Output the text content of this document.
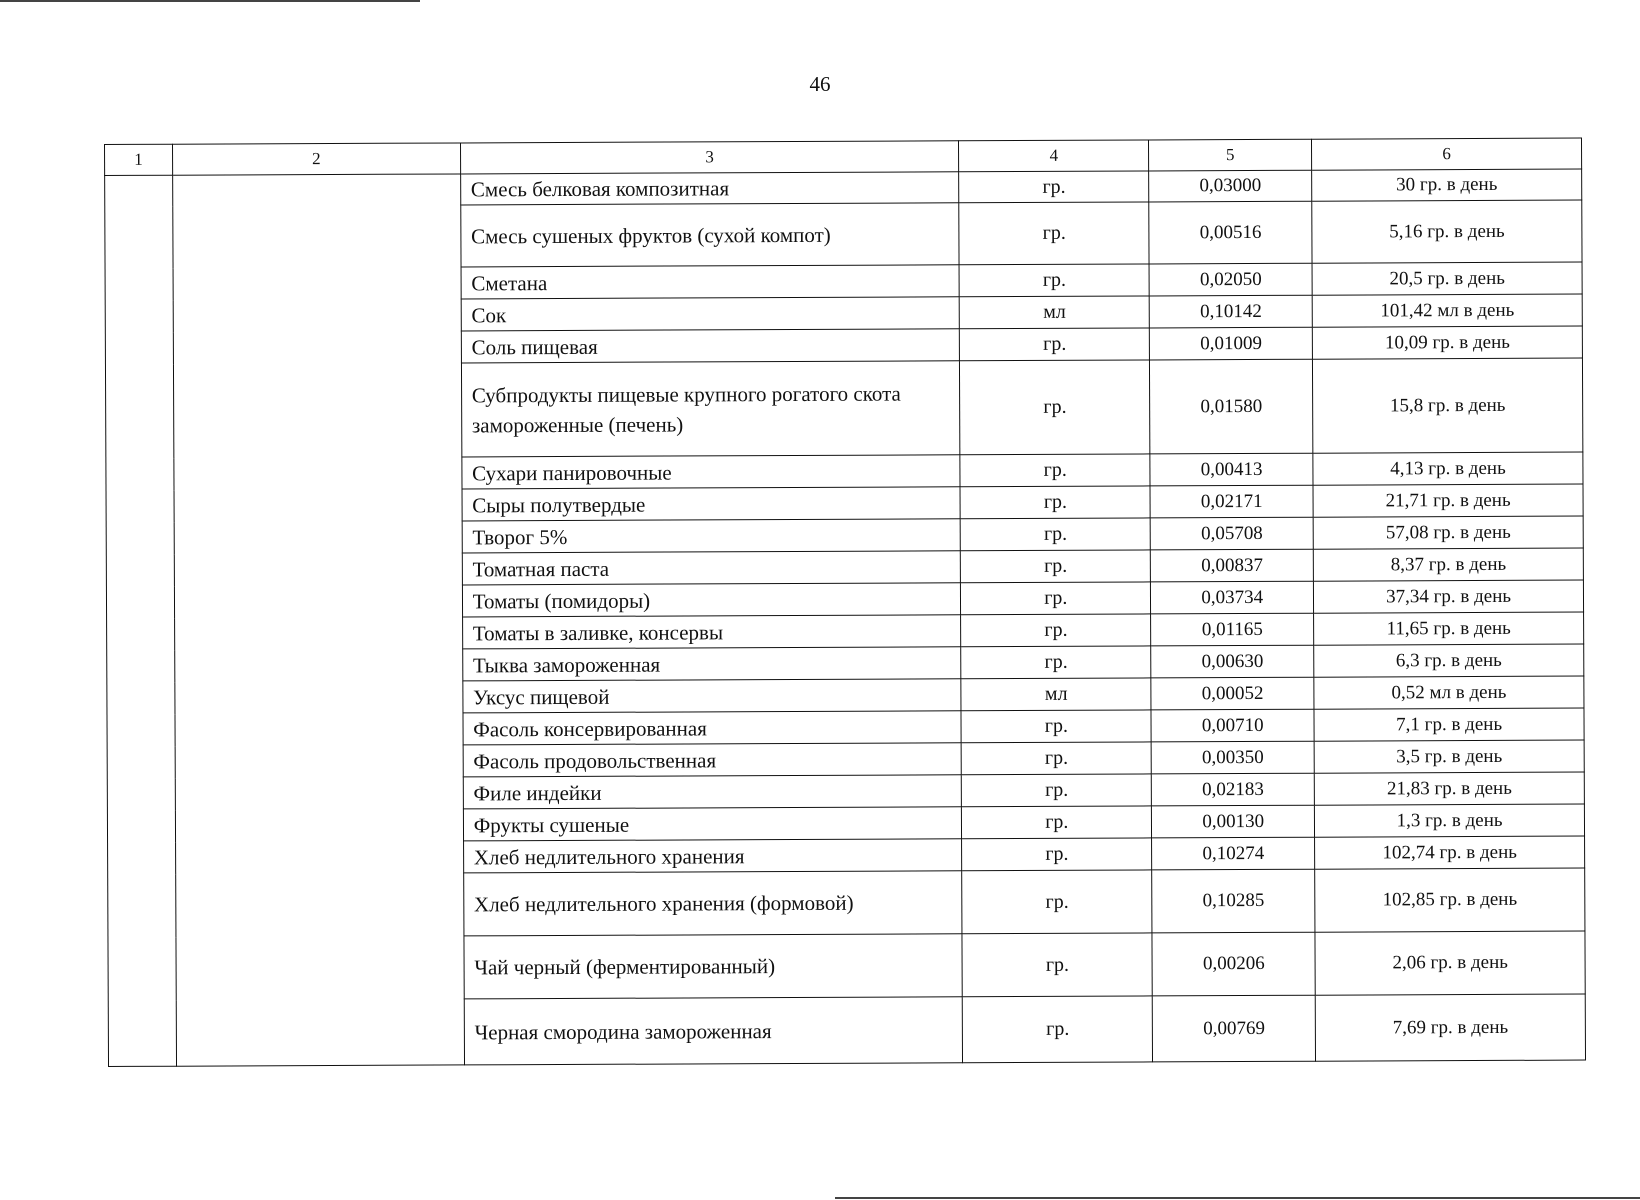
46
1	2	3	4	5	6
		Смесь белковая композитная	гр.	0,03000	30 гр. в день
		Смесь сушеных фруктов (сухой компот)	гр.	0,00516	5,16 гр. в день
		Сметана	гр.	0,02050	20,5 гр. в день
		Сок	мл	0,10142	101,42 мл в день
		Соль пищевая	гр.	0,01009	10,09 гр. в день
		Субпродукты пищевые крупного рогатого скота замороженные (печень)	гр.	0,01580	15,8 гр. в день
		Сухари панировочные	гр.	0,00413	4,13 гр. в день
		Сыры полутвердые	гр.	0,02171	21,71 гр. в день
		Творог 5%	гр.	0,05708	57,08 гр. в день
		Томатная паста	гр.	0,00837	8,37 гр. в день
		Томаты (помидоры)	гр.	0,03734	37,34 гр. в день
		Томаты в заливке, консервы	гр.	0,01165	11,65 гр. в день
		Тыква замороженная	гр.	0,00630	6,3 гр. в день
		Уксус пищевой	мл	0,00052	0,52 мл в день
		Фасоль консервированная	гр.	0,00710	7,1 гр. в день
		Фасоль продовольственная	гр.	0,00350	3,5 гр. в день
		Филе индейки	гр.	0,02183	21,83 гр. в день
		Фрукты сушеные	гр.	0,00130	1,3 гр. в день
		Хлеб недлительного хранения	гр.	0,10274	102,74 гр. в день
		Хлеб недлительного хранения (формовой)	гр.	0,10285	102,85 гр. в день
		Чай черный (ферментированный)	гр.	0,00206	2,06 гр. в день
		Черная смородина замороженная	гр.	0,00769	7,69 гр. в день
